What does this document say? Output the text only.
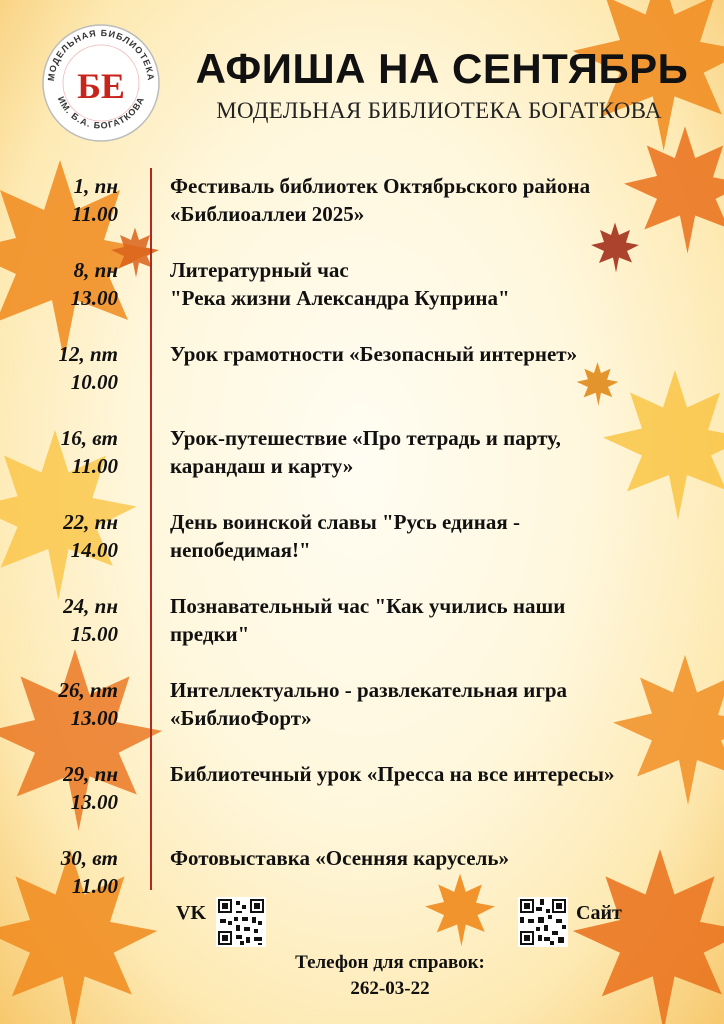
МОДЕЛЬНАЯ БИБЛИОТЕКА
ИМ. Б.А. БОГАТКОВА
БЕ	АФИША НА СЕНТЯБРЬ
МОДЕЛЬНАЯ БИБЛИОТЕКА БОГАТКОВА
1, пн
11.00
Фестиваль библиотек Октябрьского района
«Библиоаллеи 2025»
8, пн
13.00
Литературный час
"Река жизни Александра Куприна"
12, пт
10.00
Урок грамотности «Безопасный интернет»
16, вт
11.00
Урок-путешествие «Про тетрадь и парту,
карандаш и карту»
22, пн
14.00
День воинской славы "Русь единая -
непобедимая!"
24, пн
15.00
Познавательный час "Как учились наши
предки"
26, пт
13.00
Интеллектуально - развлекательная игра
«БиблиоФорт»
29, пн
13.00
Библиотечный урок «Пресса на все интересы»
30, вт
11.00
Фотовыставка «Осенняя карусель»
VK	Сайт
Телефон для справок:
262-03-22
